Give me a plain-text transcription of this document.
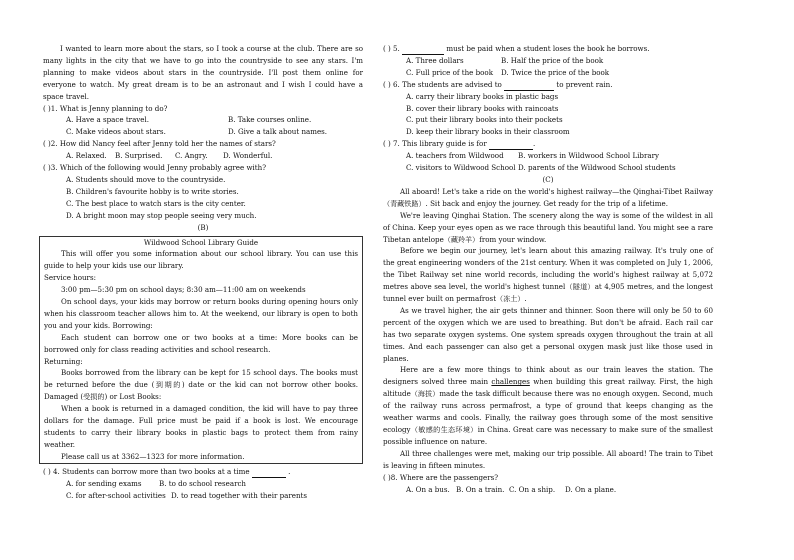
I wanted to learn more about the stars, so I took a course at the club. There are so many lights in the city that we have to go into the countryside to see any stars. I'm planning to make videos about stars in the countryside. I'll post them online for everyone to watch. My great dream is to be an astronaut and I wish I could have a space travel.

( )1. What is Jenny planning to do?

A. Have a space travel.	B. Take courses online.
C. Make videos about stars.	D. Give a talk about names.

( )2. How did Nancy feel after Jenny told her the names of stars?

A. Relaxed.	B. Surprised.	C. Angry.	D. Wonderful.

( )3. Which of the following would Jenny probably agree with?

A. Students should move to the countryside.

B. Children's favourite hobby is to write stories.

C. The best place to watch stars is the city center.

D. A bright moon may stop people seeing very much.

(B)

Wildwood School Library Guide

This will offer you some information about our school library. You can use this guide to help your kids use our library.

Service hours:

3:00 pm—5:30 pm on school days; 8:30 am—11:00 am on weekends

On school days, your kids may borrow or return books during opening hours only when his classroom teacher allows him to. At the weekend, our library is open to both you and your kids. Borrowing:

Each student can borrow one or two books at a time: More books can be borrowed only for class reading activities and school research.

Returning:

Books borrowed from the library can be kept for 15 school days. The books must be returned before the due (到期的) date or the kid can not borrow other books. Damaged (受损的) or Lost Books:

When a book is returned in a damaged condition, the kid will have to pay three dollars for the damage. Full price must be paid if a book is lost. We encourage students to carry their library books in plastic bags to protect them from rainy weather.

Please call us at 3362—1323 for more information.

( ) 4. Students can borrow more than two books at a time	.

A. for sending exams	B. to do school research
C. for after-school activities D. to read together with their parents

( ) 5.	must be paid when a student loses the book he borrows.

A. Three dollars	B. Half the price of the book
C. Full price of the book	D. Twice the price of the book

( ) 6. The students are advised to	to prevent rain.

A. carry their library books in plastic bags

B. cover their library books with raincoats

C. put their library books into their pockets

D. keep their library books in their classroom

( ) 7. This library guide is for	.

A. teachers from Wildwood	B. workers in Wildwood School Library
C. visitors to Wildwood School D. parents of the Wildwood School students

(C)

All aboard! Let's take a ride on the world's highest railway—the Qinghai-Tibet Railway（青藏铁路）. Sit back and enjoy the journey. Get ready for the trip of a lifetime.

We're leaving Qinghai Station. The scenery along the way is some of the wildest in all of China. Keep your eyes open as we race through this beautiful land. You might see a rare Tibetan antelope（藏羚羊）from your window.

Before we begin our journey, let's learn about this amazing railway. It's truly one of the great engineering wonders of the 21st century. When it was completed on July 1, 2006, the Tibet Railway set nine world records, including the world's highest railway at 5,072 metres above sea level, the world's highest tunnel（隧道）at 4,905 metres, and the longest tunnel ever built on permafrost（冻土）.

As we travel higher, the air gets thinner and thinner. Soon there will only be 50 to 60 percent of the oxygen which we are used to breathing. But don't be afraid. Each rail car has two separate oxygen systems. One system spreads oxygen throughout the train at all times. And each passenger can also get a personal oxygen mask just like those used in planes.

Here are a few more things to think about as our train leaves the station. The designers solved three main challenges when building this great railway. First, the high altitude（海拔）made the task difficult because there was no enough oxygen. Second, much of the railway runs across permafrost, a type of ground that keeps changing as the weather warms and cools. Finally, the railway goes through some of the most sensitive ecology（敏感的生态环境）in China. Great care was necessary to make sure of the smallest possible influence on nature.

All three challenges were met, making our trip possible. All aboard! The train to Tibet is leaving in fifteen minutes.

( )8. Where are the passengers?

A. On a bus. B. On a train. C. On a ship.	D. On a plane.
